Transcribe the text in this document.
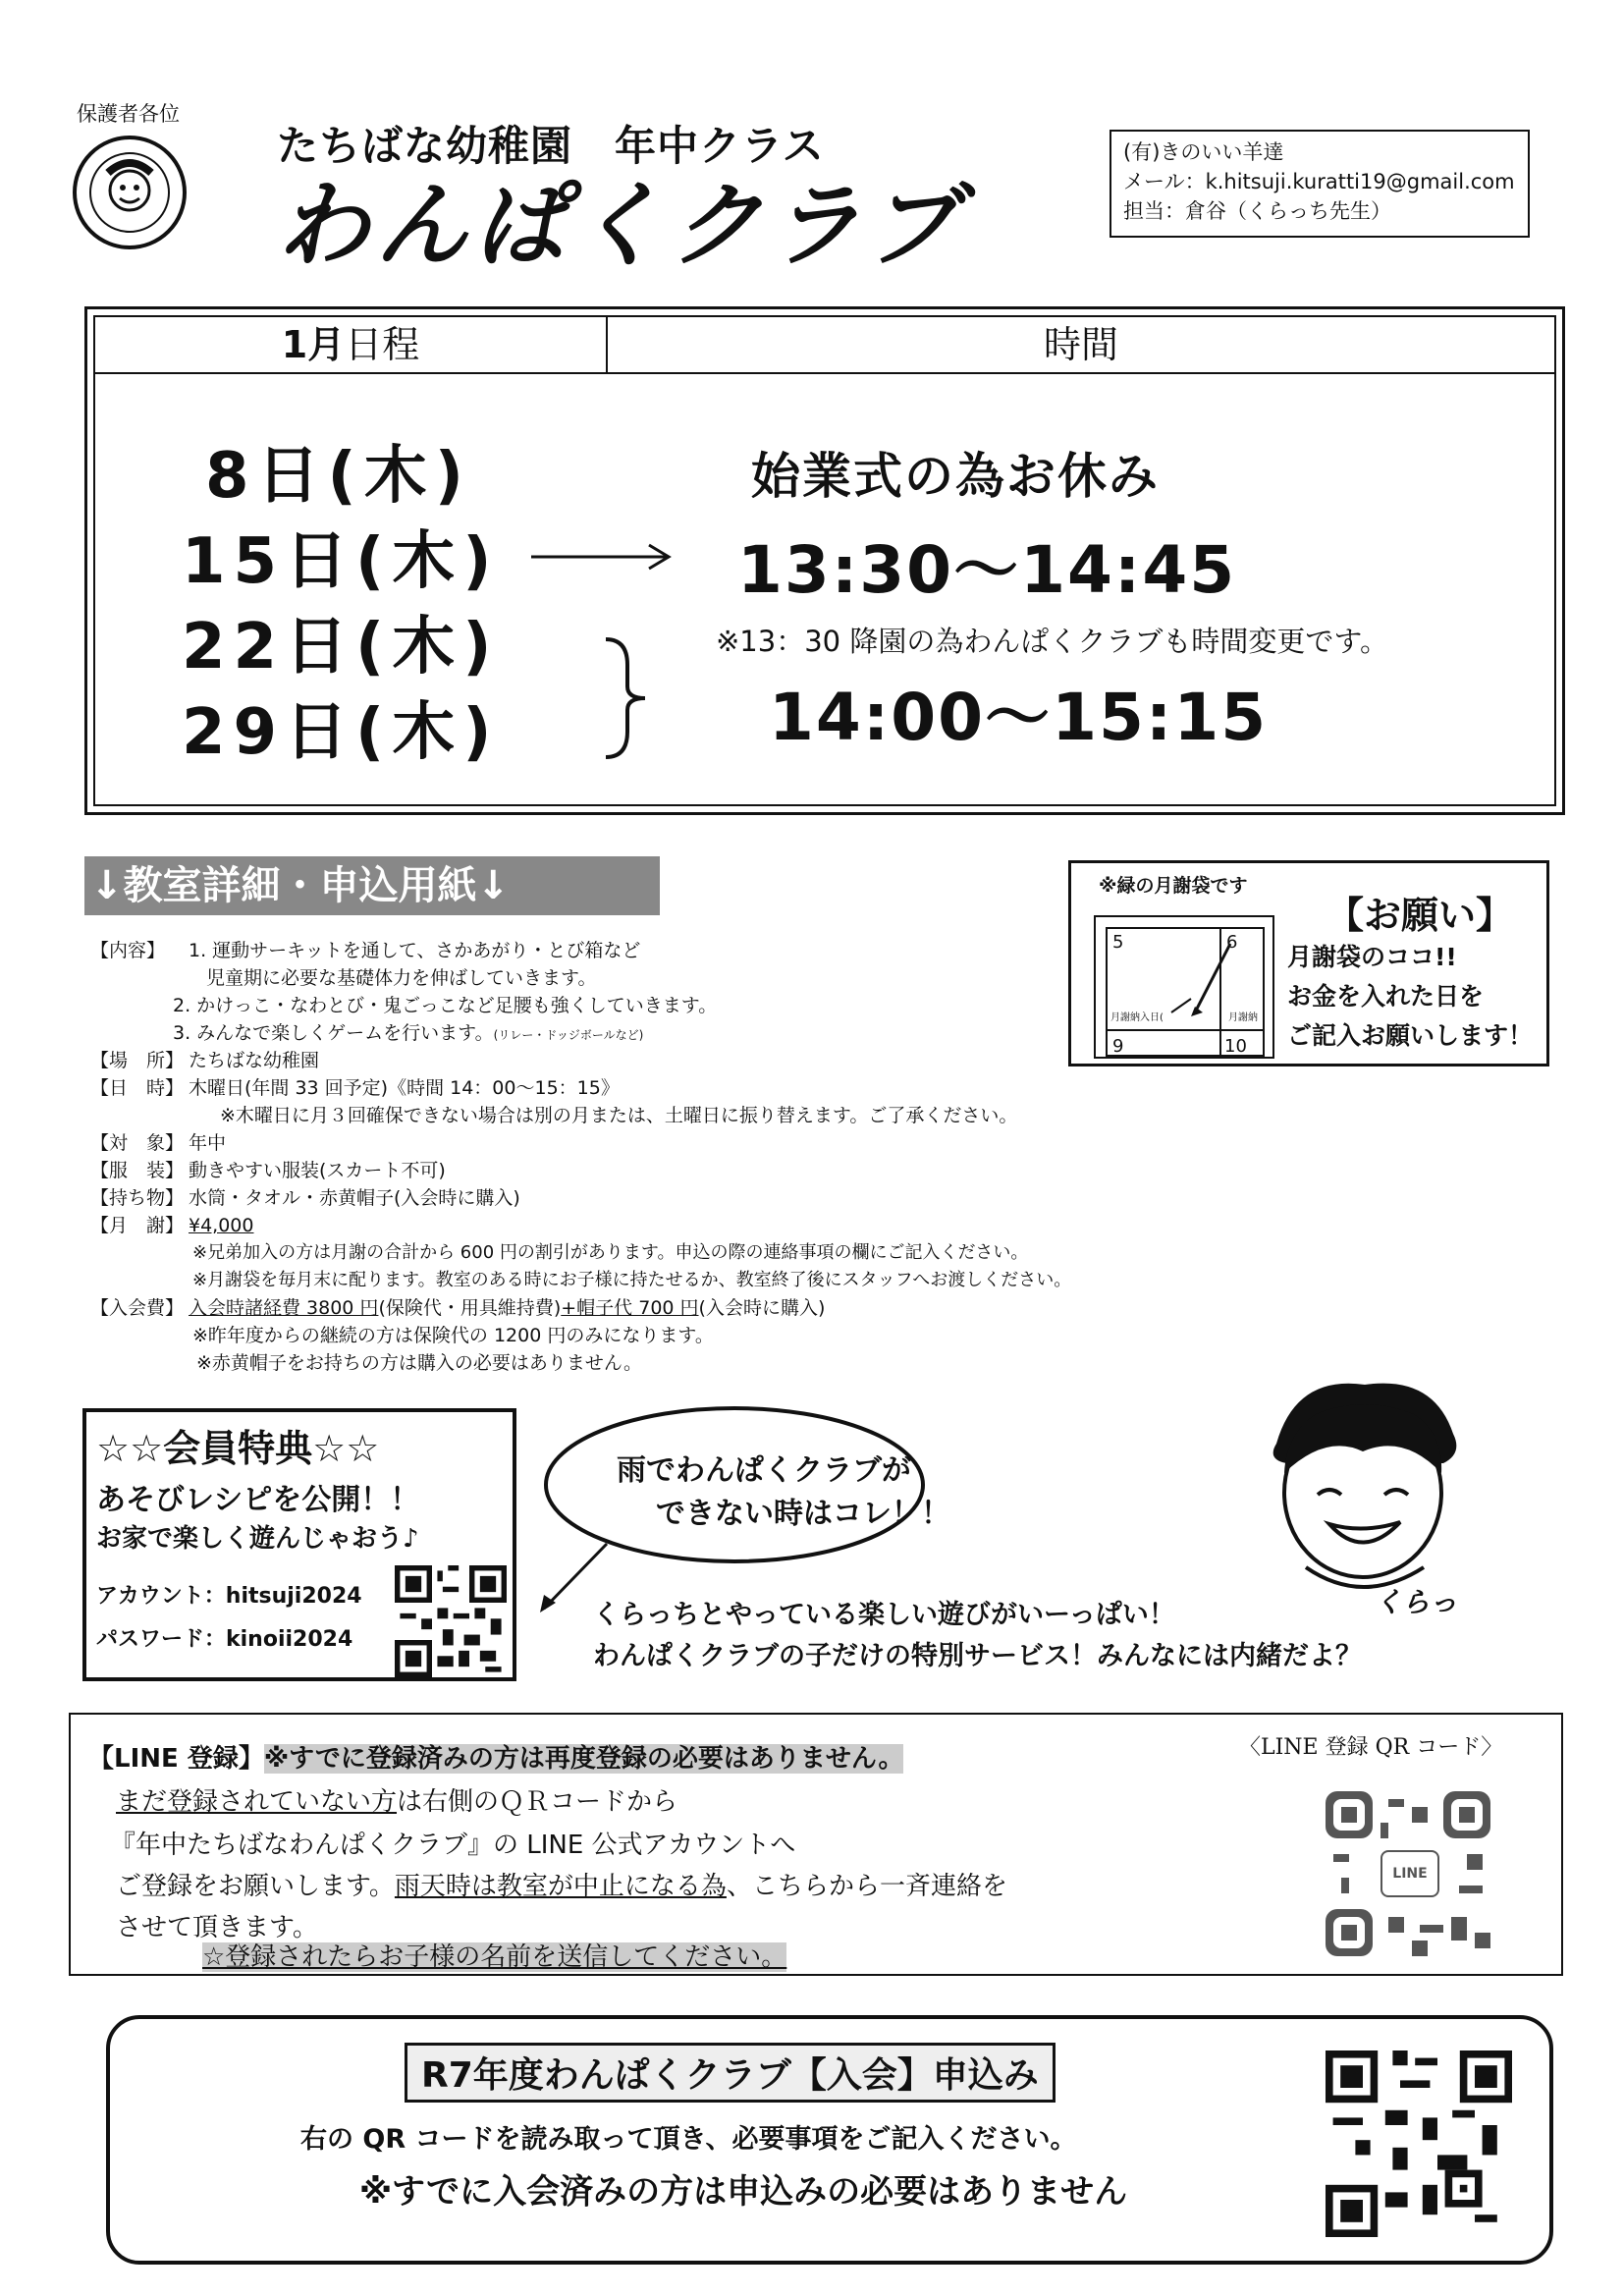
保護者各位
たちばな幼稚園　年中クラス
わんぱくクラブ
(有)きのいい羊達
メール：k.hitsuji.kuratti19@gmail.com
担当：倉谷（くらっち先生）
1月日程	時間
8日(木)
15日(木)
22日(木)
29日(木)
始業式の為お休み
13:30〜14:45
※13：30 降園の為わんぱくクラブも時間変更です。
14:00〜15:15
↓教室詳細・申込用紙↓
【内容】 1. 運動サーキットを通して、さかあがり・とび箱など
児童期に必要な基礎体力を伸ばしていきます。
2. かけっこ・なわとび・鬼ごっこなど足腰も強くしていきます。
3. みんなで楽しくゲームを行います。(リレー・ドッジボールなど)
【場　所】 たちばな幼稚園
【日　時】 木曜日(年間 33 回予定)《時間 14：00〜15：15》
※木曜日に月３回確保できない場合は別の月または、土曜日に振り替えます。ご了承ください。
【対　象】 年中
【服　装】 動きやすい服装(スカート不可)
【持ち物】 水筒・タオル・赤黄帽子(入会時に購入)
【月　謝】 ¥4,000
※兄弟加入の方は月謝の合計から 600 円の割引があります。申込の際の連絡事項の欄にご記入ください。
※月謝袋を毎月末に配ります。教室のある時にお子様に持たせるか、教室終了後にスタッフへお渡しください。
【入会費】 入会時諸経費 3800 円(保険代・用具維持費)+帽子代 700 円(入会時に購入)
※昨年度からの継続の方は保険代の 1200 円のみになります。
※赤黄帽子をお持ちの方は購入の必要はありません。
※緑の月謝袋です
【お願い】
5	6
9	10
月謝納入日(	月謝納
月謝袋のココ!!
お金を入れた日を
ご記入お願いします！
☆☆会員特典☆☆
あそびレシピを公開！！
お家で楽しく遊んじゃおう♪
アカウント：hitsuji2024
パスワード：kinoii2024
雨でわんぱくクラブが
できない時はコレ！！
くらっ
くらっちとやっている楽しい遊びがいーっぱい！
わんぱくクラブの子だけの特別サービス！みんなには内緒だよ？
【LINE 登録】※すでに登録済みの方は再度登録の必要はありません。	〈LINE 登録 QR コード〉
まだ登録されていない方は右側のＱＲコードから
『年中たちばなわんぱくクラブ』の LINE 公式アカウントへ
ご登録をお願いします。雨天時は教室が中止になる為、こちらから一斉連絡を
させて頂きます。
☆登録されたらお子様の名前を送信してください。
LINE
R7年度わんぱくクラブ【入会】申込み
右の QR コードを読み取って頂き、必要事項をご記入ください。
※すでに入会済みの方は申込みの必要はありません
